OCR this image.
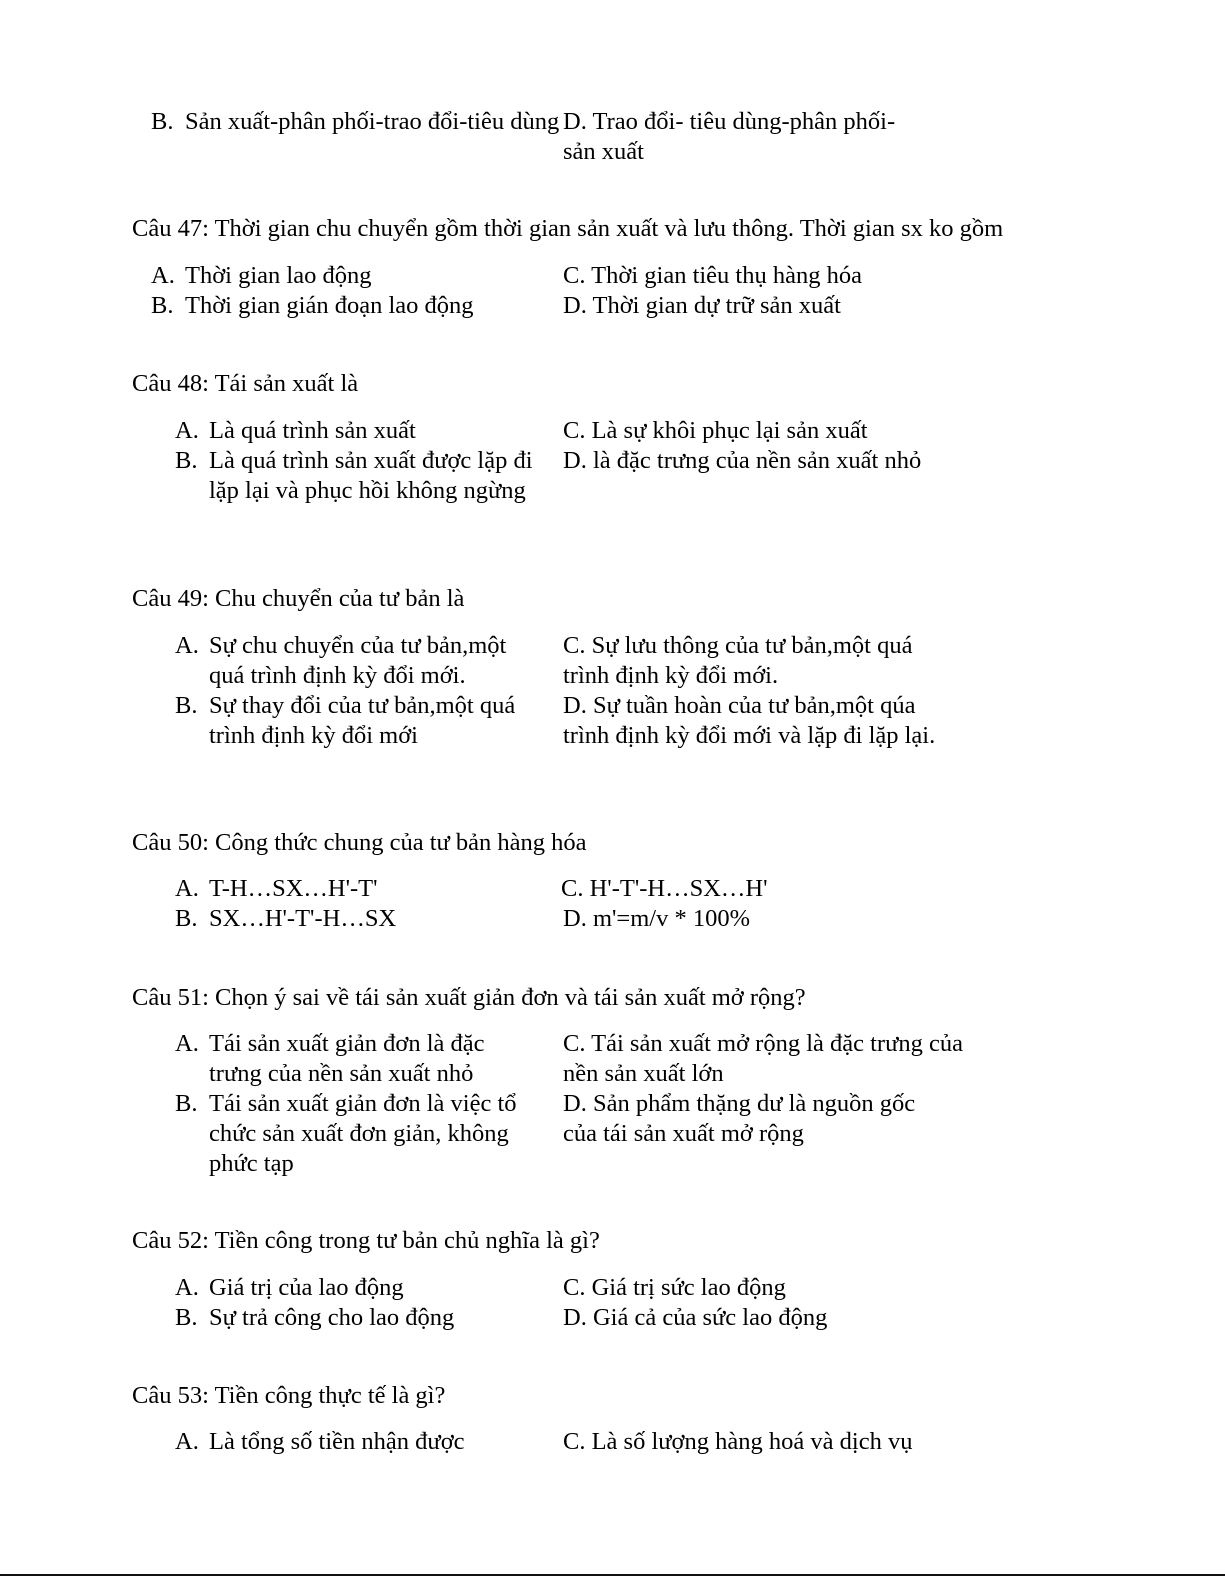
B. Sản xuất-phân phối-trao đổi-tiêu dùng D. Trao đổi- tiêu dùng-phân phối- sản xuất
Câu 47: Thời gian chu chuyển gồm thời gian sản xuất và lưu thông. Thời gian sx ko gồm
A. Thời gian lao động
B. Thời gian gián đoạn lao động
C. Thời gian tiêu thụ hàng hóa
D. Thời gian dự trữ sản xuất
Câu 48: Tái sản xuất là
A. Là quá trình sản xuất
B. Là quá trình sản xuất được lặp đi lặp lại và phục hồi không ngừng
C. Là sự khôi phục lại sản xuất
D. là đặc trưng của nền sản xuất nhỏ
Câu 49: Chu chuyển của tư bản là
A. Sự chu chuyển của tư bản,một quá trình định kỳ đổi mới.
B. Sự thay đổi của tư bản,một quá trình định kỳ đổi mới
C. Sự lưu thông của tư bản,một quá trình định kỳ đổi mới.
D. Sự tuần hoàn của tư bản,một qúa trình định kỳ đổi mới và lặp đi lặp lại.
Câu 50: Công thức chung của tư bản hàng hóa
A. T-H…SX…H'-T'
B. SX…H'-T'-H…SX
C. H'-T'-H…SX…H'
D. m'=m/v * 100%
Câu 51: Chọn ý sai về tái sản xuất giản đơn và tái sản xuất mở rộng?
A. Tái sản xuất giản đơn là đặc trưng của nền sản xuất nhỏ
B. Tái sản xuất giản đơn là việc tổ chức sản xuất đơn giản, không phức tạp
C. Tái sản xuất mở rộng là đặc trưng của nền sản xuất lớn
D. Sản phẩm thặng dư là nguồn gốc của tái sản xuất mở rộng
Câu 52: Tiền công trong tư bản chủ nghĩa là gì?
A. Giá trị của lao động
B. Sự trả công cho lao động
C. Giá trị sức lao động
D. Giá cả của sức lao động
Câu 53: Tiền công thực tế là gì?
A. Là tổng số tiền nhận được	C. Là số lượng hàng hoá và dịch vụ
